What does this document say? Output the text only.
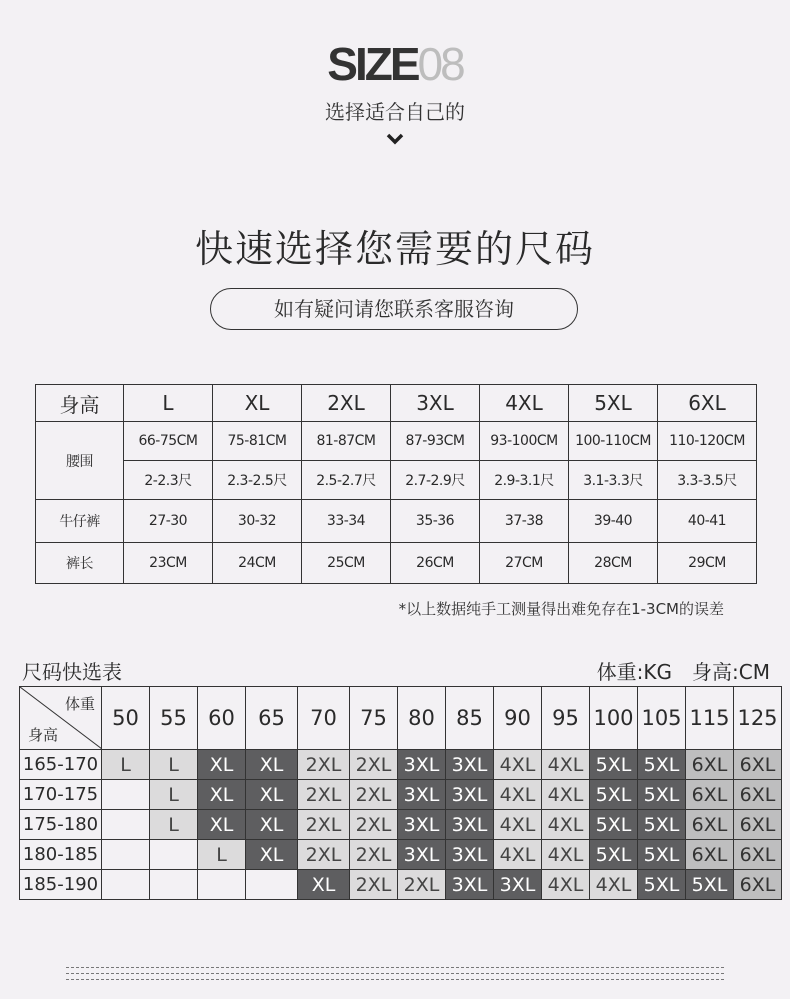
SIZE08
选择适合自己的
快速选择您需要的尺码
如有疑问请您联系客服咨询
身高	L	XL	2XL	3XL	4XL	5XL	6XL
腰围	66-75CM	75-81CM	81-87CM	87-93CM	93-100CM	100-110CM	110-120CM
	2-2.3尺	2.3-2.5尺	2.5-2.7尺	2.7-2.9尺	2.9-3.1尺	3.1-3.3尺	3.3-3.5尺
牛仔裤	27-30	30-32	33-34	35-36	37-38	39-40	40-41
裤长	23CM	24CM	25CM	26CM	27CM	28CM	29CM
*以上数据纯手工测量得出难免存在1-3CM的误差
尺码快选表	体重:KG　身高:CM
体重
身高	50	55	60	65	70	75	80	85	90	95	100	105	115	125
165-170	L	L	XL	XL	2XL	2XL	3XL	3XL	4XL	4XL	5XL	5XL	6XL	6XL
170-175		L	XL	XL	2XL	2XL	3XL	3XL	4XL	4XL	5XL	5XL	6XL	6XL
175-180		L	XL	XL	2XL	2XL	3XL	3XL	4XL	4XL	5XL	5XL	6XL	6XL
180-185			L	XL	2XL	2XL	3XL	3XL	4XL	4XL	5XL	5XL	6XL	6XL
185-190					XL	2XL	2XL	3XL	3XL	4XL	4XL	5XL	5XL	6XL
